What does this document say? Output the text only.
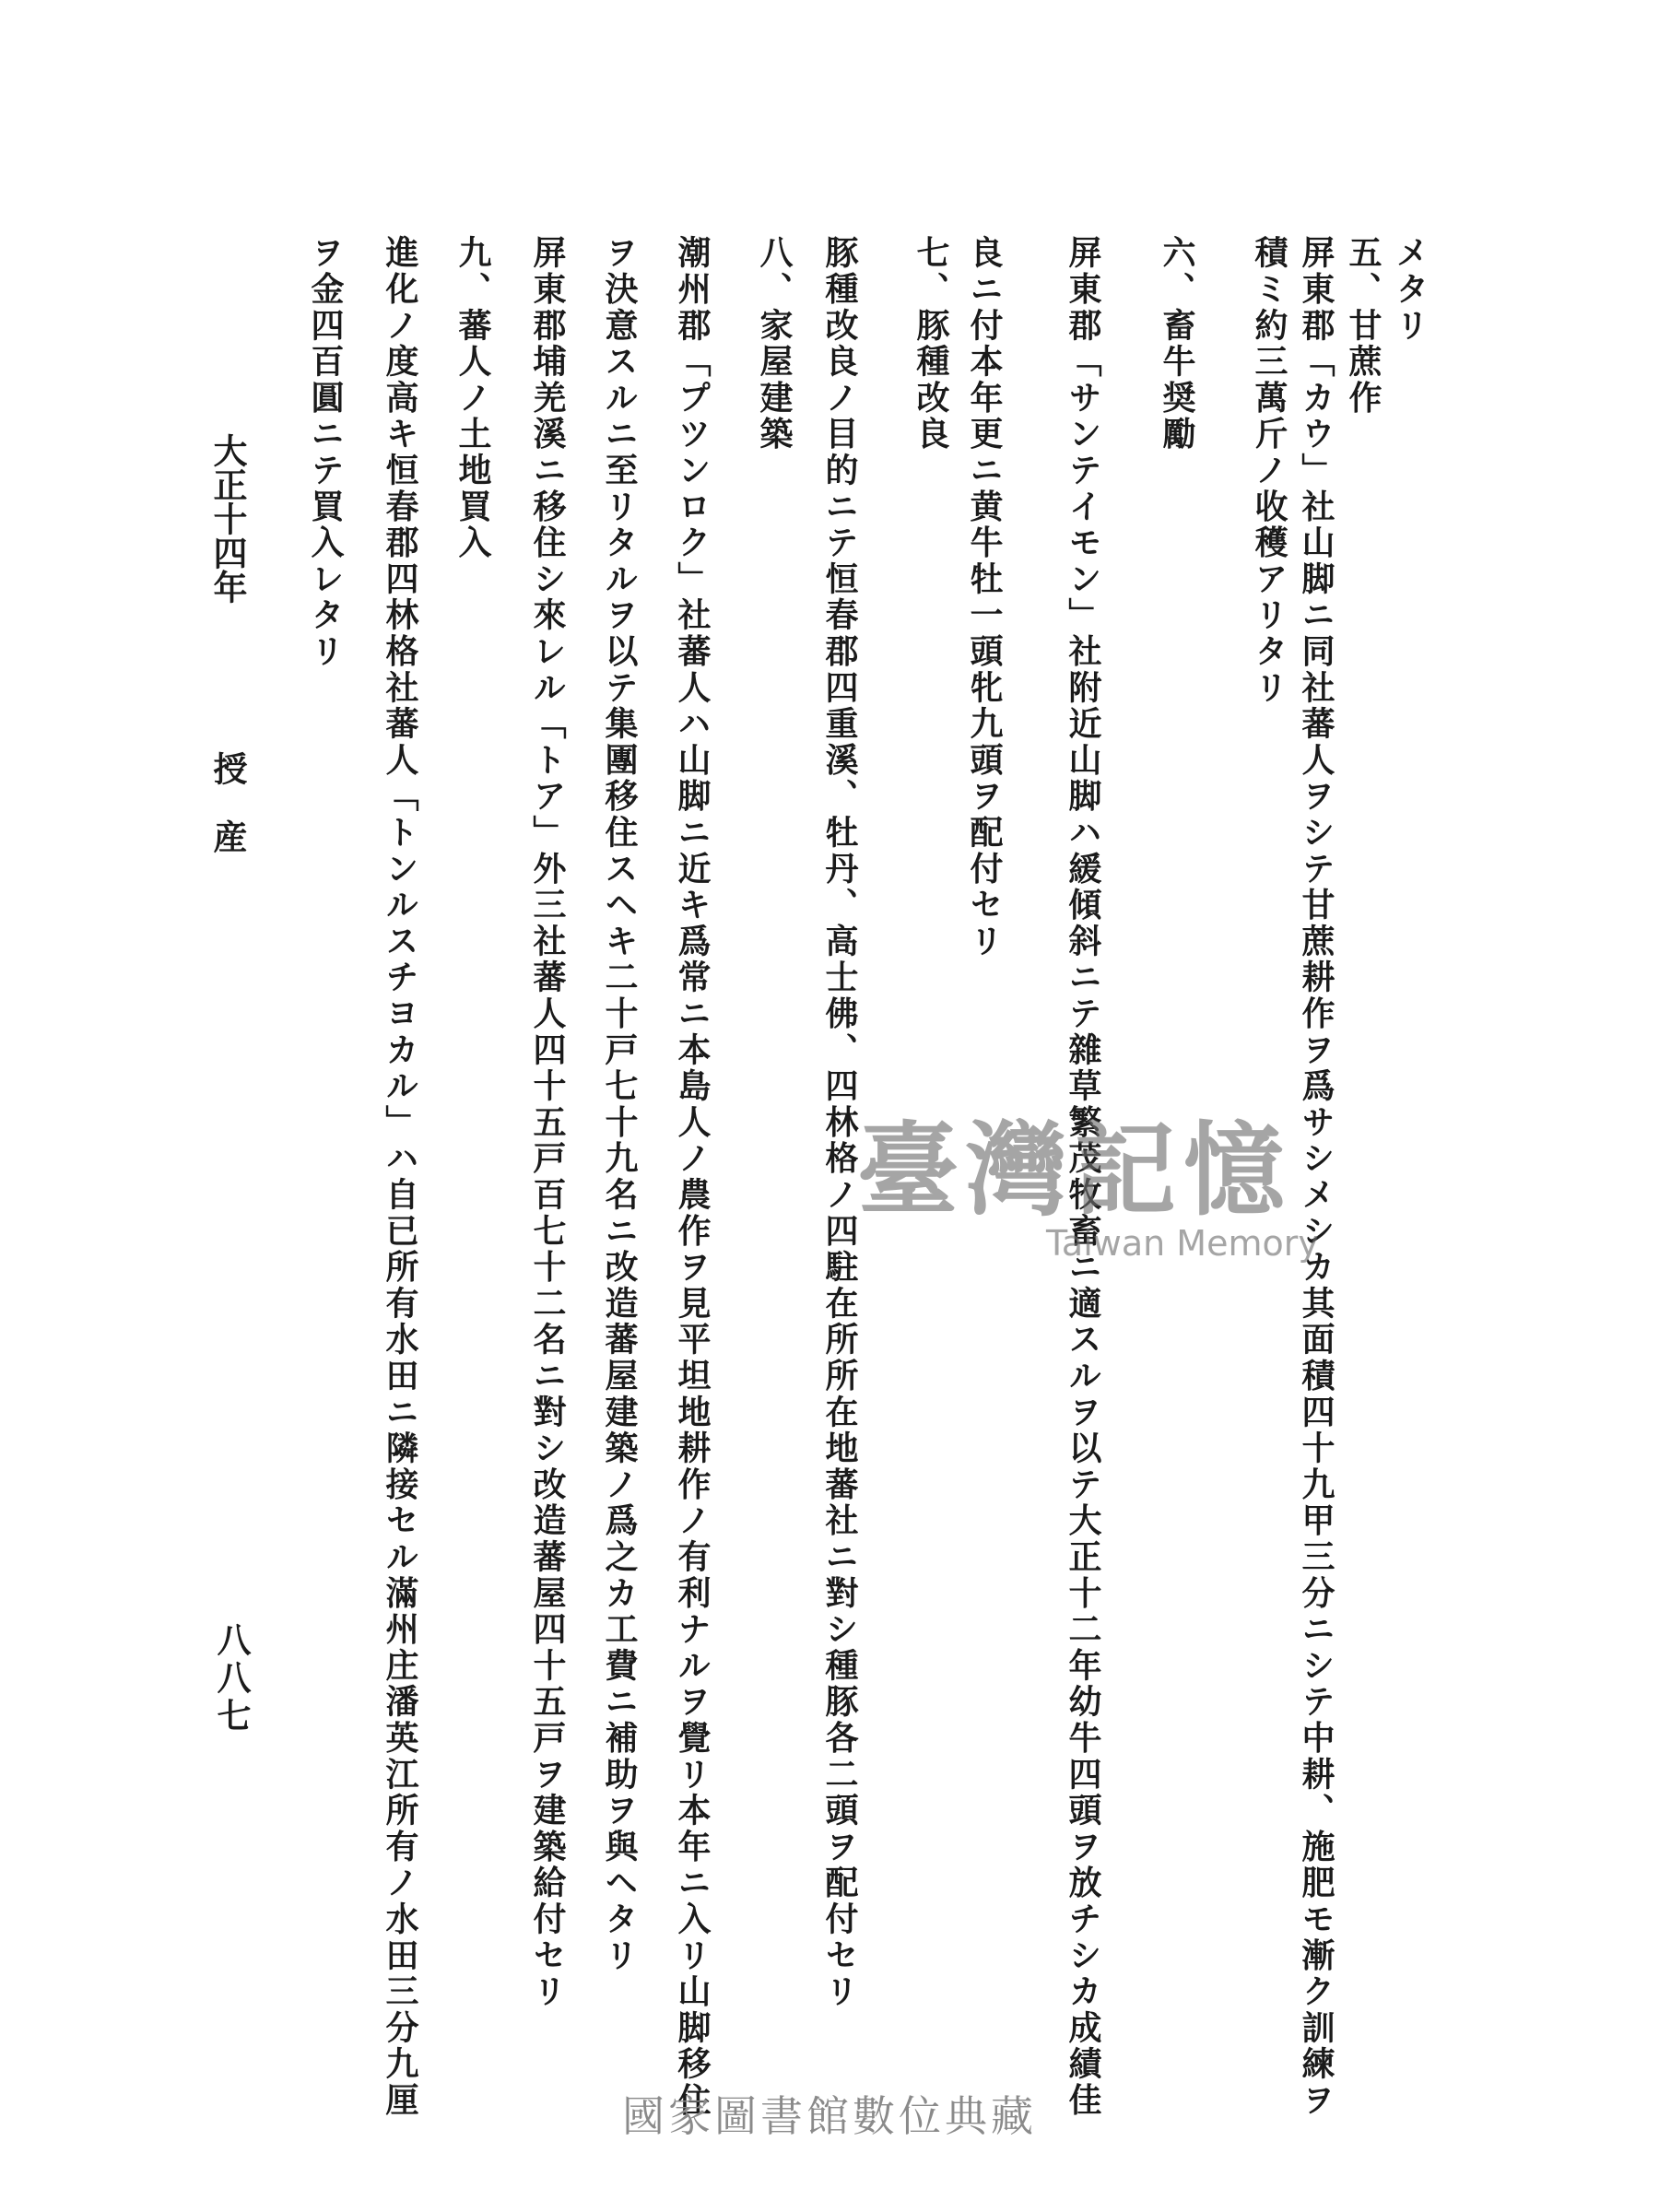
メタリ
五、甘蔗作
屏東郡「カウ」社山脚ニ同社蕃人ヲシテ甘蔗耕作ヲ爲サシメシカ其面積四十九甲三分ニシテ中耕、施肥モ漸ク訓練ヲ
積ミ約三萬斤ノ收穫アリタリ
六、畜牛奨勵
屏東郡「サンテイモン」社附近山脚ハ緩傾斜ニテ雜草繁茂牧畜ニ適スルヲ以テ大正十二年幼牛四頭ヲ放チシカ成績佳
良ニ付本年更ニ黄牛牡一頭牝九頭ヲ配付セリ
七、豚種改良
豚種改良ノ目的ニテ恒春郡四重溪、牡丹、高士佛、四林格ノ四駐在所所在地蕃社ニ對シ種豚各二頭ヲ配付セリ
八、家屋建築
潮州郡「プツンロク」社蕃人ハ山脚ニ近キ爲常ニ本島人ノ農作ヲ見平坦地耕作ノ有利ナルヲ覺リ本年ニ入リ山脚移住
ヲ決意スルニ至リタルヲ以テ集團移住スヘキ二十戸七十九名ニ改造蕃屋建築ノ爲之カ工費ニ補助ヲ與ヘタリ
屏東郡埔羌溪ニ移住シ來レル「トア」外三社蕃人四十五戸百七十二名ニ對シ改造蕃屋四十五戸ヲ建築給付セリ
九、蕃人ノ土地買入
進化ノ度高キ恒春郡四林格社蕃人「トンルスチヨカル」ハ自已所有水田ニ隣接セル滿州庄潘英江所有ノ水田三分九厘
ヲ金四百圓ニテ買入レタリ
大正十四年
授　産
八八七
臺灣記憶
Taiwan Memory
國家圖書館數位典藏
